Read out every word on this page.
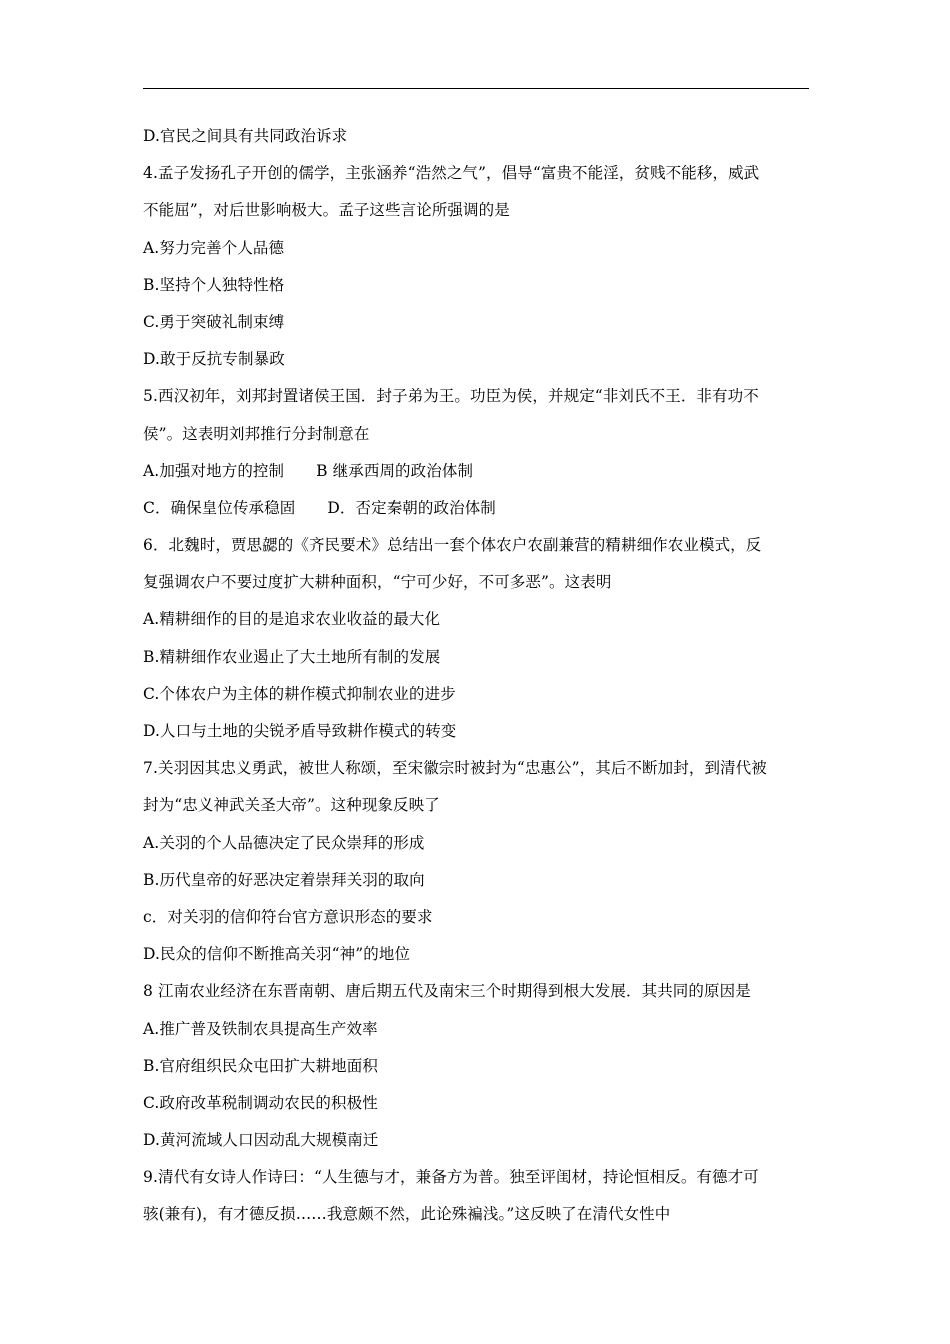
D.官民之间具有共同政治诉求
4.孟子发扬孔子开创的儒学，主张涵养“浩然之气”，倡导“富贵不能淫，贫贱不能移，威武
不能屈”，对后世影响极大。孟子这些言论所强调的是
A.努力完善个人品德
B.坚持个人独特性格
C.勇于突破礼制束缚
D.敢于反抗专制暴政
5.西汉初年，刘邦封置诸侯王国．封子弟为王。功臣为侯，并规定“非刘氏不王．非有功不
侯”。这表明刘邦推行分封制意在
A.加强对地方的控制 B 继承西周的政治体制
C．确保皇位传承稳固 D．否定秦朝的政治体制
6．北魏时，贾思勰的《齐民要术》总结出一套个体农户农副兼营的精耕细作农业模式，反
复强调农户不要过度扩大耕种面积，“宁可少好，不可多恶”。这表明
A.精耕细作的目的是追求农业收益的最大化
B.精耕细作农业遏止了大土地所有制的发展
C.个体农户为主体的耕作模式抑制农业的进步
D.人口与土地的尖锐矛盾导致耕作模式的转变
7.关羽因其忠义勇武，被世人称颂，至宋徽宗时被封为“忠惠公”，其后不断加封，到清代被
封为“忠义神武关圣大帝”。这种现象反映了
A.关羽的个人品德决定了民众崇拜的形成
B.历代皇帝的好恶决定着崇拜关羽的取向
c．对关羽的信仰符台官方意识形态的要求
D.民众的信仰不断推高关羽“神”的地位
8 江南农业经济在东晋南朝、唐后期五代及南宋三个时期得到根大发展．其共同的原因是
A.推广普及铁制农具提高生产效率
B.官府组织民众屯田扩大耕地面积
C.政府改革税制调动农民的积极性
D.黄河流域人口因动乱大规模南迁
9.清代有女诗人作诗曰：“人生德与才，兼备方为普。独至评闺材，持论恒相反。有德才可
骇(兼有)，有才德反损……我意颇不然，此论殊褊浅。”这反映了在清代女性中
